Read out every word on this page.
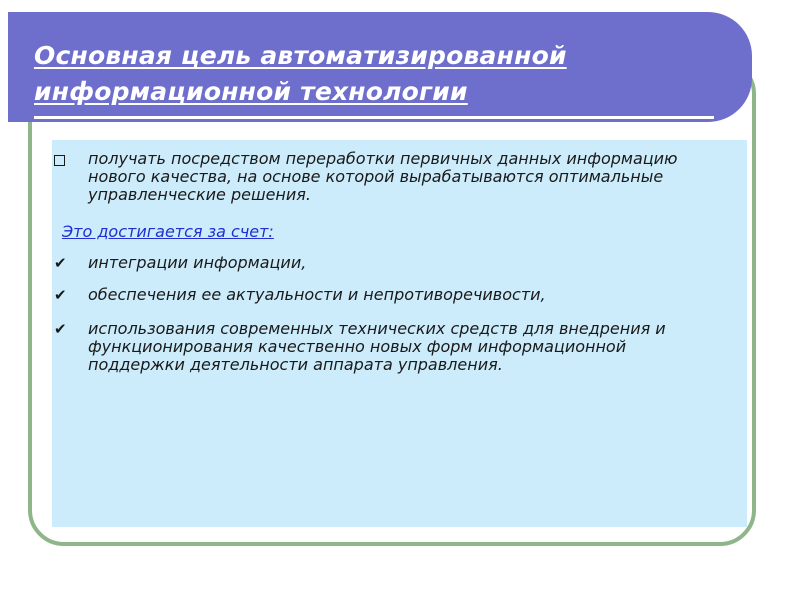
Основная цель автоматизированной
информационной технологии
получать посредством переработки первичных данных информацию нового качества, на основе которой вырабатываются оптимальные управленческие решения.
Это достигается за счет:
✔	интеграции информации,
✔	обеспечения ее актуальности и непротиворечивости,
✔	использования современных технических средств для внедрения и функционирования качественно новых форм информационной поддержки деятельности аппарата управления.
